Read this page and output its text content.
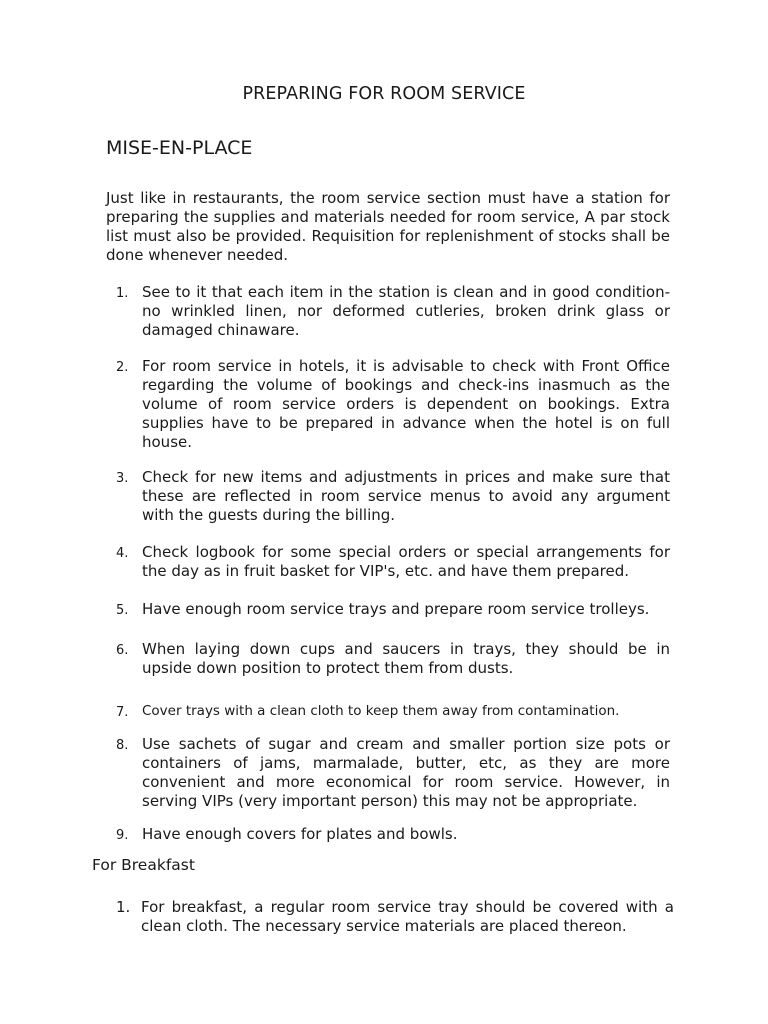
PREPARING FOR ROOM SERVICE
MISE-EN-PLACE

Just like in restaurants, the room service section must have a station for preparing the supplies and materials needed for room service, A par stock list must also be provided. Requisition for replenishment of stocks shall be done whenever needed.

1. See to it that each item in the station is clean and in good condition- no wrinkled linen, nor deformed cutleries, broken drink glass or damaged chinaware.
2. For room service in hotels, it is advisable to check with Front Office regarding the volume of bookings and check-ins inasmuch as the volume of room service orders is dependent on bookings. Extra supplies have to be prepared in advance when the hotel is on full house.
3. Check for new items and adjustments in prices and make sure that these are reflected in room service menus to avoid any argument with the guests during the billing.
4. Check logbook for some special orders or special arrangements for the day as in fruit basket for VIP's, etc. and have them prepared.
5. Have enough room service trays and prepare room service trolleys.
6. When laying down cups and saucers in trays, they should be in upside down position to protect them from dusts.
7. Cover trays with a clean cloth to keep them away from contamination.
8. Use sachets of sugar and cream and smaller portion size pots or containers of jams, marmalade, butter, etc, as they are more convenient and more economical for room service. However, in serving VIPs (very important person) this may not be appropriate.
9. Have enough covers for plates and bowls.
For Breakfast
1. For breakfast, a regular room service tray should be covered with a clean cloth. The necessary service materials are placed thereon.
